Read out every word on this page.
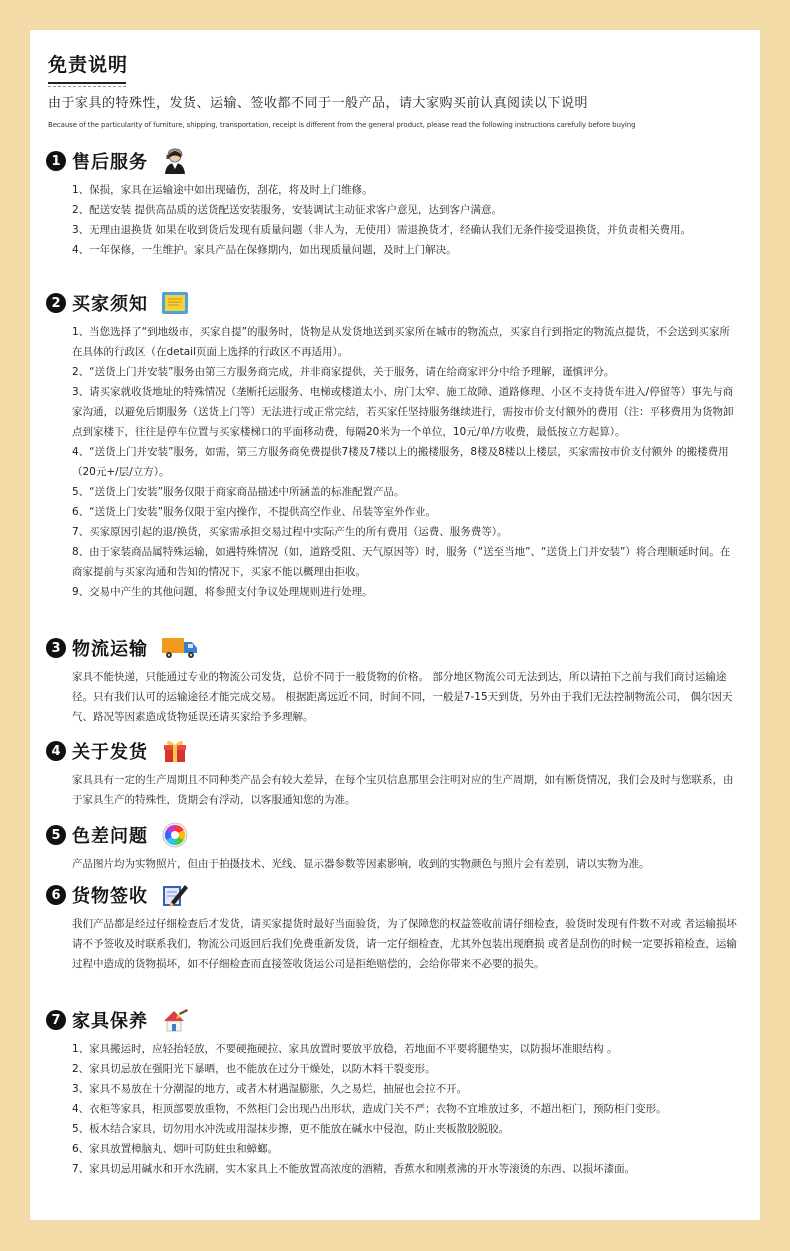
免责说明
由于家具的特殊性，发货、运输、签收都不同于一般产品，请大家购买前认真阅读以下说明
Because of the particularity of furniture, shipping, transportation, receipt is different from the general product, please read the following instructions carefully before buying
1 售后服务

1、保损，家具在运输途中如出现磕伤，刮花，将及时上门维修。

2、配送安装 提供高品质的送货配送安装服务，安装调试主动征求客户意见，达到客户满意。

3、无理由退换货 如果在收到货后发现有质量问题（非人为，无使用）需退换货才，经确认我们无条件接受退换货，并负责相关费用。

4、一年保修，一生维护。家具产品在保修期内，如出现质量问题，及时上门解决。

2 买家须知

1、当您选择了“到地级市，买家自提”的服务时，货物是从发货地送到买家所在城市的物流点，买家自行到指定的物流点提货，不会送到买家所在具体的行政区（在detail页面上选择的行政区不再适用）。

2、“送货上门并安装”服务由第三方服务商完成，并非商家提供，关于服务，请在给商家评分中给予理解，谨慎评分。

3、请买家就收货地址的特殊情况（垄断托运服务、电梯或楼道太小、房门太窄、施工故障、道路修理、小区不支持货车进入/停留等）事先与商家沟通，以避免后期服务（送货上门等）无法进行或正常完结，若买家任坚持服务继续进行，需按市价支付额外的费用（注：平移费用为货物卸点到家楼下，往往是停车位置与买家楼梯口的平面移动费，每隔20米为一个单位，10元/单/方收费，最低按立方起算）。

4、“送货上门并安装”服务，如需，第三方服务商免费提供7楼及7楼以上的搬楼服务，8楼及8楼以上楼层，买家需按市价支付额外 的搬楼费用（20元+/层/立方）。

5、“送货上门安装”服务仅限于商家商品描述中所涵盖的标准配置产品。

6、“送货上门安装”服务仅限于室内操作，不提供高空作业、吊装等室外作业。

7、买家原因引起的退/换货，买家需承担交易过程中实际产生的所有费用（运费、服务费等）。

8、由于家装商品属特殊运输，如遇特殊情况（如，道路受阻、天气原因等）时，服务（“送至当地”、“送货上门并安装”）将合理顺延时间。在商家提前与买家沟通和告知的情况下，买家不能以概理由拒收。

9、交易中产生的其他问题，将参照支付争议处理规则进行处理。

3 物流运输

家具不能快递，只能通过专业的物流公司发货，总价不同于一般货物的价格。 部分地区物流公司无法到达，所以请拍下之前与我们商讨运输途径。只有我们认可的运输途径才能完成交易。 根据距离远近不同，时间不同，一般是7-15天到货，另外由于我们无法控制物流公司， 偶尔因天气、路况等因素造成货物延误还请买家给予多理解。

4 关于发货

家具具有一定的生产周期且不同种类产品会有较大差异，在每个宝贝信息那里会注明对应的生产周期，如有断货情况，我们会及时与您联系，由于家具生产的特殊性，货期会有浮动，以客服通知您的为准。

5 色差问题

产品图片均为实物照片，但由于拍摄技术、光线、显示器参数等因素影响，收到的实物颜色与照片会有差别，请以实物为准。

6 货物签收

我们产品都是经过仔细检查后才发货，请买家提货时最好当面验货，为了保障您的权益签收前请仔细检查，验货时发现有件数不对或 者运输损坏请不予签收及时联系我们，物流公司返回后我们免费重新发货，请一定仔细检查，尤其外包装出现磨损 或者是刮伤的时候一定要拆箱检查，运输过程中造成的货物损坏，如不仔细检查而直接签收货运公司是拒绝赔偿的，会给你带来不必要的损失。

7 家具保养

1、家具搬运时，应轻抬轻放，不要硬拖硬拉、家具放置时要放平放稳，若地面不平要将腿垫实，以防损坏准眼结构 。

2、家具切忌放在强阳光下暴晒，也不能放在过分干燥处，以防木料干裂变形。

3、家具不易放在十分潮湿的地方，或者木材遇湿膨胀，久之易烂，抽屉也会拉不开。

4、衣柜等家具，柜顶部要放重物，不然柜门会出现凸出形状，造成门关不严；衣物不宜堆放过多，不超出柜门，预防柜门变形。

5、板木结合家具，切勿用水冲洗或用湿抹步擦，更不能放在碱水中侵泡，防止夹板散胶脱胶。

6、家具放置樟脑丸、烟叶可防蛀虫和蟑螂。

7、家具切忌用碱水和开水洗刷，实木家具上不能放置高浓度的酒精，香蕉水和刚煮沸的开水等滚烫的东西、以损坏漆面。
